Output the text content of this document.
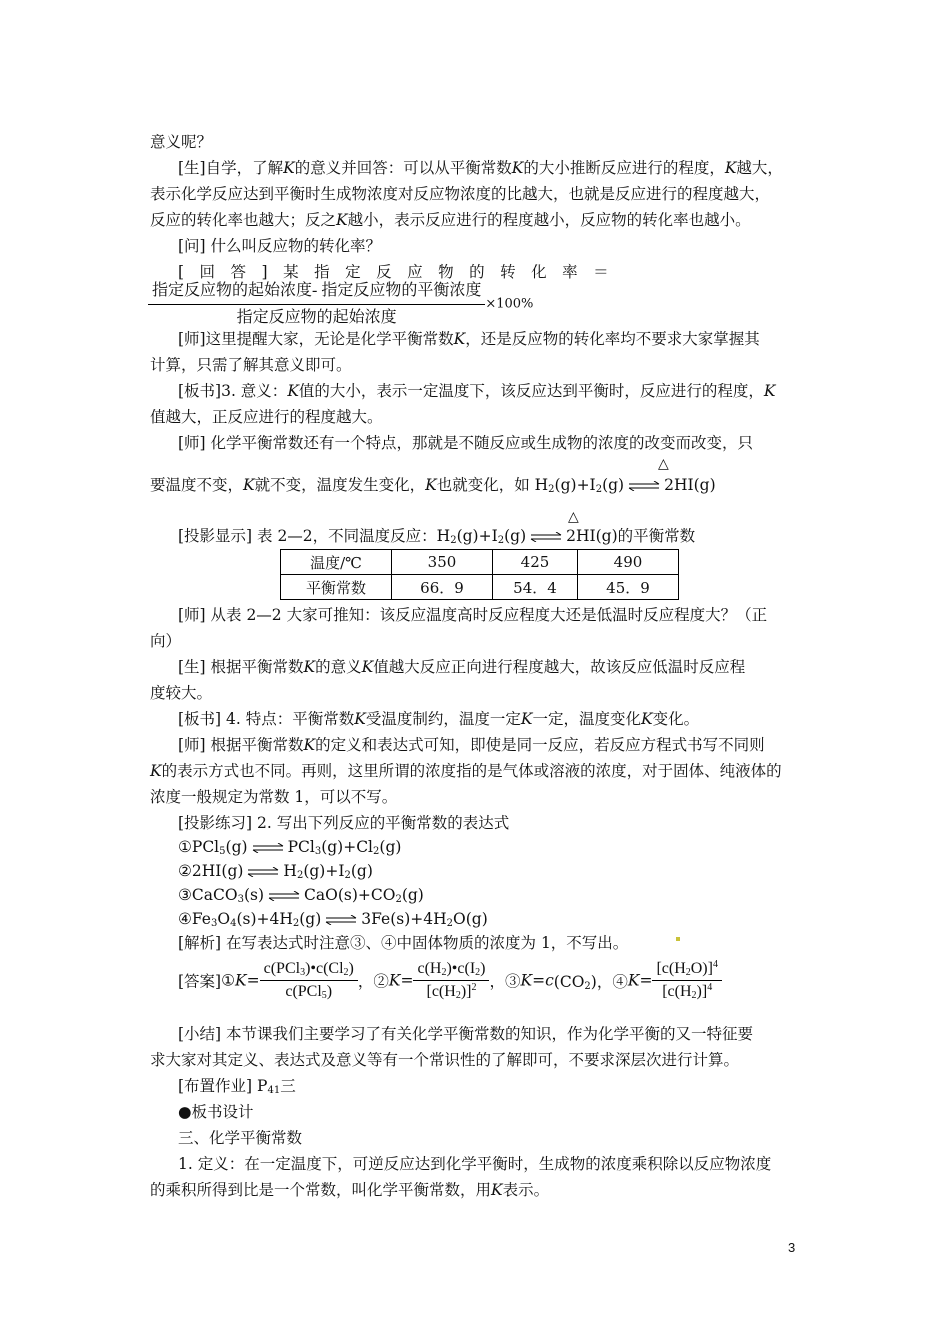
意义呢？
[生]自学，了解K的意义并回答：可以从平衡常数K的大小推断反应进行的程度，K越大，
表示化学反应达到平衡时生成物浓度对反应物浓度的比越大，也就是反应进行的程度越大，
反应的转化率也越大；反之K越小，表示反应进行的程度越小，反应物的转化率也越小。
[问] 什么叫反应物的转化率？
[　回　答　]　某　指　定　反　应　物　的　转　化　率　＝
$\frac{\text{指定反应物的起始浓度- 指定反应物的平衡浓度}}{\text{指定反应物的起始浓度}} \times 100\%$
[师]这里提醒大家，无论是化学平衡常数K，还是反应物的转化率均不要求大家掌握其
计算，只需了解其意义即可。
[板书]3. 意义：K值的大小，表示一定温度下，该反应达到平衡时，反应进行的程度，K
值越大，正反应进行的程度越大。
[师] 化学平衡常数还有一个特点，那就是不随反应或生成物的浓度的改变而改变，只
△
要温度不变，K就不变，温度发生变化，K也就变化，如 $H_2(g)+I_2(g)$ ⇌ 2HI(g)
△
[投影显示] 表 2—2，不同温度反应：$H_2(g)+I_2(g)$ ⇌ 2HI(g)的平衡常数
温度/℃	350	425	490
平衡常数	66．9	54．4	45．9
[师] 从表 2—2 大家可推知：该反应温度高时反应程度大还是低温时反应程度大？（正
向）
[生] 根据平衡常数K的意义K值越大反应正向进行程度越大，故该反应低温时反应程
度较大。
[板书] 4. 特点：平衡常数K受温度制约，温度一定K一定，温度变化K变化。
[师] 根据平衡常数K的定义和表达式可知，即使是同一反应，若反应方程式书写不同则
K的表示方式也不同。再则，这里所谓的浓度指的是气体或溶液的浓度，对于固体、纯液体的
浓度一般规定为常数 1，可以不写。
[投影练习] 2. 写出下列反应的平衡常数的表达式
①PCl$_5$(g) ⇌ $PCl_3(g)+Cl_2(g)$
②2HI(g) ⇌ $H_2(g)+I_2(g)$
③CaCO$_3$(s) ⇌ $CaO(s)+CO_2(g)$
$④Fe_3O_4(s)+4H_2(g)$ ⇌ $3Fe(s)+4H_2O(g)$
[解析] 在写表达式时注意③、④中固体物质的浓度为 1，不写出。
[答案]①K= $\frac{c(PCl_3)•c(Cl_2)}{c(PCl_5)}$ ，②K= $\frac{c(H_2)•c(I_2)}{[c(H_2)]^2}$ ，$③K=c(CO_2)$，④K= $\frac{[c(H_2O)]^4}{[c(H_2)]^4}$
[小结] 本节课我们主要学习了有关化学平衡常数的知识，作为化学平衡的又一特征要
求大家对其定义、表达式及意义等有一个常识性的了解即可，不要求深层次进行计算。
[布置作业] $P_{41}$三
●板书设计
三、化学平衡常数
1. 定义：在一定温度下，可逆反应达到化学平衡时，生成物的浓度乘积除以反应物浓度
的乘积所得到比是一个常数，叫化学平衡常数，用K表示。
3
